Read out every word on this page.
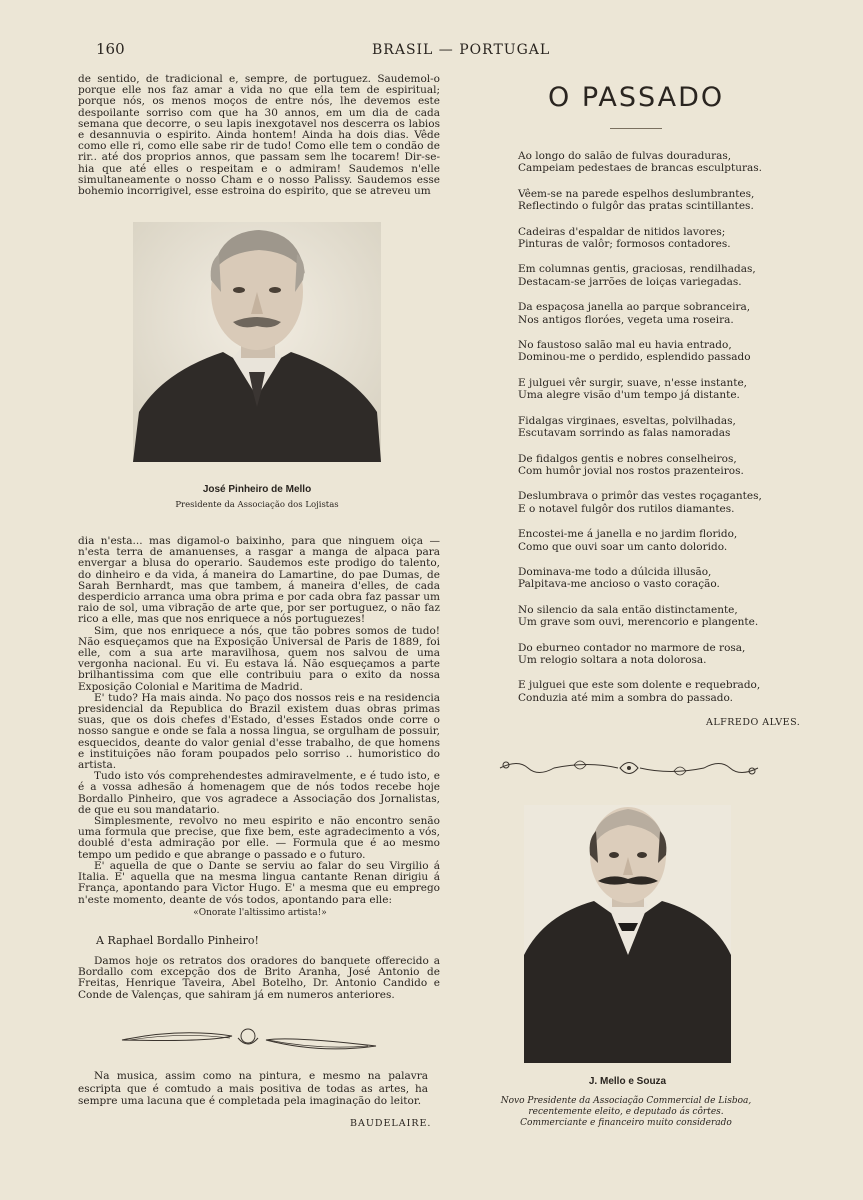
160	BRASIL — PORTUGAL

de sentido, de tradicional e, sempre, de portuguez. Saudemol-o porque elle nos faz amar a vida no que ella tem de espiritual; porque nós, os menos moços de entre nós, lhe devemos este despoilante sorriso com que ha 30 annos, em um dia de cada semana que decorre, o seu lapis inexgotavel nos descerra os labios e desannuvia o espirito. Ainda hontem! Ainda ha dois dias. Vêde como elle ri, como elle sabe rir de tudo! Como elle tem o condão de rir.. até dos proprios annos, que passam sem lhe tocarem! Dir-se-hia que até elles o respeitam e o admiram! Saudemos n'elle simultaneamente o nosso Cham e o nosso Palissy. Saudemos esse bohemio incorrigivel, esse estroina do espirito, que se atreveu um

José Pinheiro de Mello
Presidente da Associação dos Lojistas

dia n'esta... mas digamol-o baixinho, para que ninguem oiça — n'esta terra de amanuenses, a rasgar a manga de alpaca para envergar a blusa do operario. Saudemos este prodigo do talento, do dinheiro e da vida, á maneira do Lamartine, do pae Dumas, de Sarah Bernhardt, mas que tambem, á maneira d'elles, de cada desperdicio arranca uma obra prima e por cada obra faz passar um raio de sol, uma vibração de arte que, por ser portuguez, o não faz rico a elle, mas que nos enriquece a nós portuguezes!

Sim, que nos enriquece a nós, que tão pobres somos de tudo! Não esqueçamos que na Exposição Universal de Paris de 1889, foi elle, com a sua arte maravilhosa, quem nos salvou de uma vergonha nacional. Eu vi. Eu estava lá. Não esqueçamos a parte brilhantissima com que elle contribuiu para o exito da nossa Exposição Colonial e Maritima de Madrid.

E' tudo? Ha mais ainda. No paço dos nossos reis e na residencia presidencial da Republica do Brazil existem duas obras primas suas, que os dois chefes d'Estado, d'esses Estados onde corre o nosso sangue e onde se fala a nossa lingua, se orgulham de possuir, esquecidos, deante do valor genial d'esse trabalho, de que homens e instituições não foram poupados pelo sorriso .. humoristico do artista.

Tudo isto vós comprehendestes admiravelmente, e é tudo isto, e é a vossa adhesão á homenagem que de nós todos recebe hoje Bordallo Pinheiro, que vos agradece a Associação dos Jornalistas, de que eu sou mandatario.

Simplesmente, revolvo no meu espirito e não encontro senão uma formula que precise, que fixe bem, este agradecimento a vós, doublé d'esta admiração por elle. — Formula que é ao mesmo tempo um pedido e que abrange o passado e o futuro.

E' aquella de que o Dante se serviu ao falar do seu Virgilio á Italia. E' aquella que na mesma lingua cantante Renan dirigiu á França, apontando para Victor Hugo. E' a mesma que eu emprego n'este momento, deante de vós todos, apontando para elle:

«Onorate l'altissimo artista!»
A Raphael Bordallo Pinheiro!

Damos hoje os retratos dos oradores do banquete offerecido a Bordallo com excepção dos de Brito Aranha, José Antonio de Freitas, Henrique Taveira, Abel Botelho, Dr. Antonio Candido e Conde de Valenças, que sahiram já em numeros anteriores.

Na musica, assim como na pintura, e mesmo na palavra escripta que é comtudo a mais positiva de todas as artes, ha sempre uma lacuna que é completada pela imaginação do leitor.

BAUDELAIRE.
O PASSADO
Ao longo do salão de fulvas douraduras,
Campeiam pedestaes de brancas esculpturas.
Vêem-se na parede espelhos deslumbrantes,
Reflectindo o fulgôr das pratas scintillantes.
Cadeiras d'espaldar de nitidos lavores;
Pinturas de valôr; formosos contadores.
Em columnas gentis, graciosas, rendilhadas,
Destacam-se jarrões de loiças variegadas.
Da espaçosa janella ao parque sobranceira,
Nos antigos floróes, vegeta uma roseira.
No faustoso salão mal eu havia entrado,
Dominou-me o perdido, esplendido passado
E julguei vêr surgir, suave, n'esse instante,
Uma alegre visão d'um tempo já distante.
Fidalgas virginaes, esveltas, polvilhadas,
Escutavam sorrindo as falas namoradas
De fidalgos gentis e nobres conselheiros,
Com humôr jovial nos rostos prazenteiros.
Deslumbrava o primôr das vestes roçagantes,
E o notavel fulgôr dos rutilos diamantes.
Encostei-me á janella e no jardim florido,
Como que ouvi soar um canto dolorido.
Dominava-me todo a dúlcida illusão,
Palpitava-me ancioso o vasto coração.
No silencio da sala então distinctamente,
Um grave som ouvi, merencorio e plangente.
Do eburneo contador no marmore de rosa,
Um relogio soltara a nota dolorosa.
E julguei que este som dolente e requebrado,
Conduzia até mim a sombra do passado.
ALFREDO ALVES.
J. Mello e Souza
Novo Presidente da Associação Commercial de Lisboa,
recentemente eleito, e deputado ás côrtes.
Commerciante e financeiro muito considerado
